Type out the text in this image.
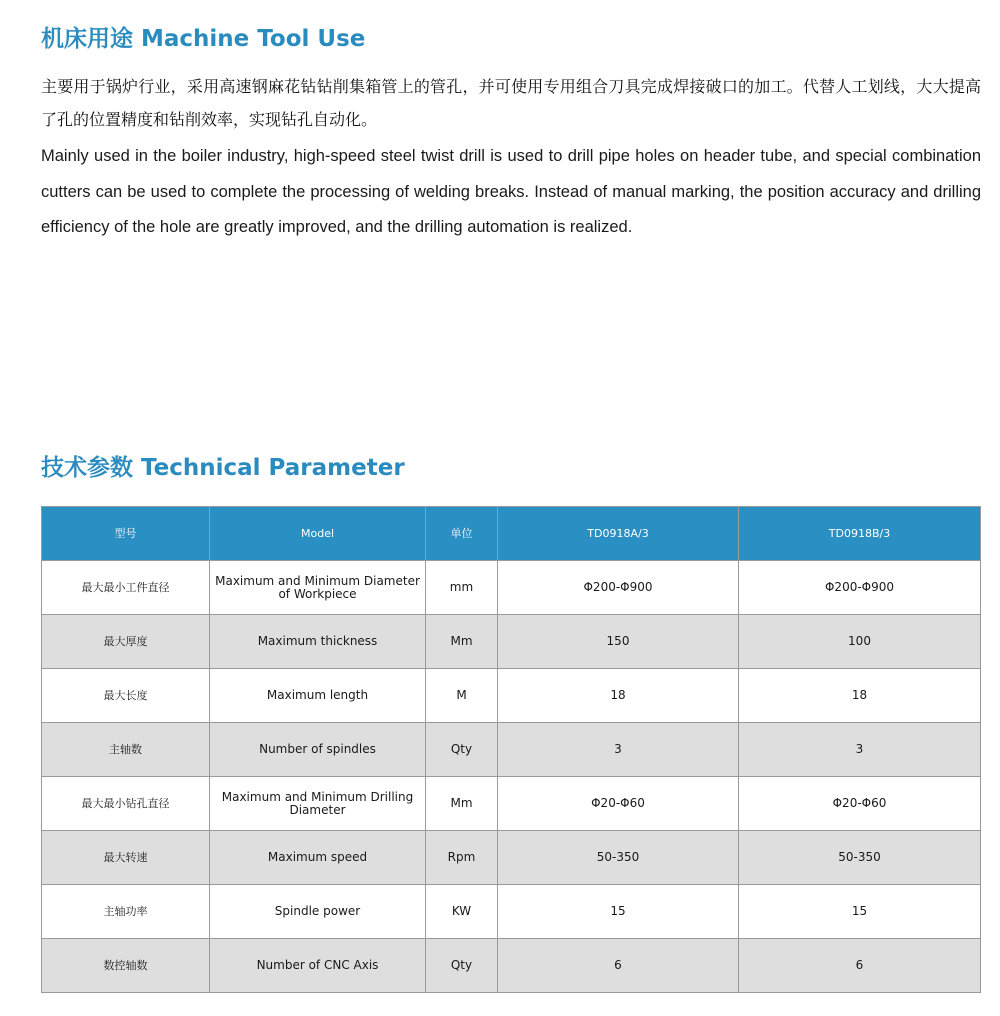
机床用途 Machine Tool Use

主要用于锅炉行业，采用高速钢麻花钻钻削集箱管上的管孔，并可使用专用组合刀具完成焊接破口的加工。代替人工划线，大大提高了孔的位置精度和钻削效率，实现钻孔自动化。

Mainly used in the boiler industry, high-speed steel twist drill is used to drill pipe holes on header tube, and special combination cutters can be used to complete the processing of welding breaks. Instead of manual marking, the position accuracy and drilling efficiency of the hole are greatly improved, and the drilling automation is realized.

技术参数 Technical Parameter
型号	Model	单位	TD0918A/3	TD0918B/3
最大最小工件直径	Maximum and Minimum Diameter of Workpiece	mm	Φ200-Φ900	Φ200-Φ900
最大厚度	Maximum thickness	Mm	150	100
最大长度	Maximum length	M	18	18
主轴数	Number of spindles	Qty	3	3
最大最小钻孔直径	Maximum and Minimum Drilling Diameter	Mm	Φ20-Φ60	Φ20-Φ60
最大转速	Maximum speed	Rpm	50-350	50-350
主轴功率	Spindle power	KW	15	15
数控轴数	Number of CNC Axis	Qty	6	6
